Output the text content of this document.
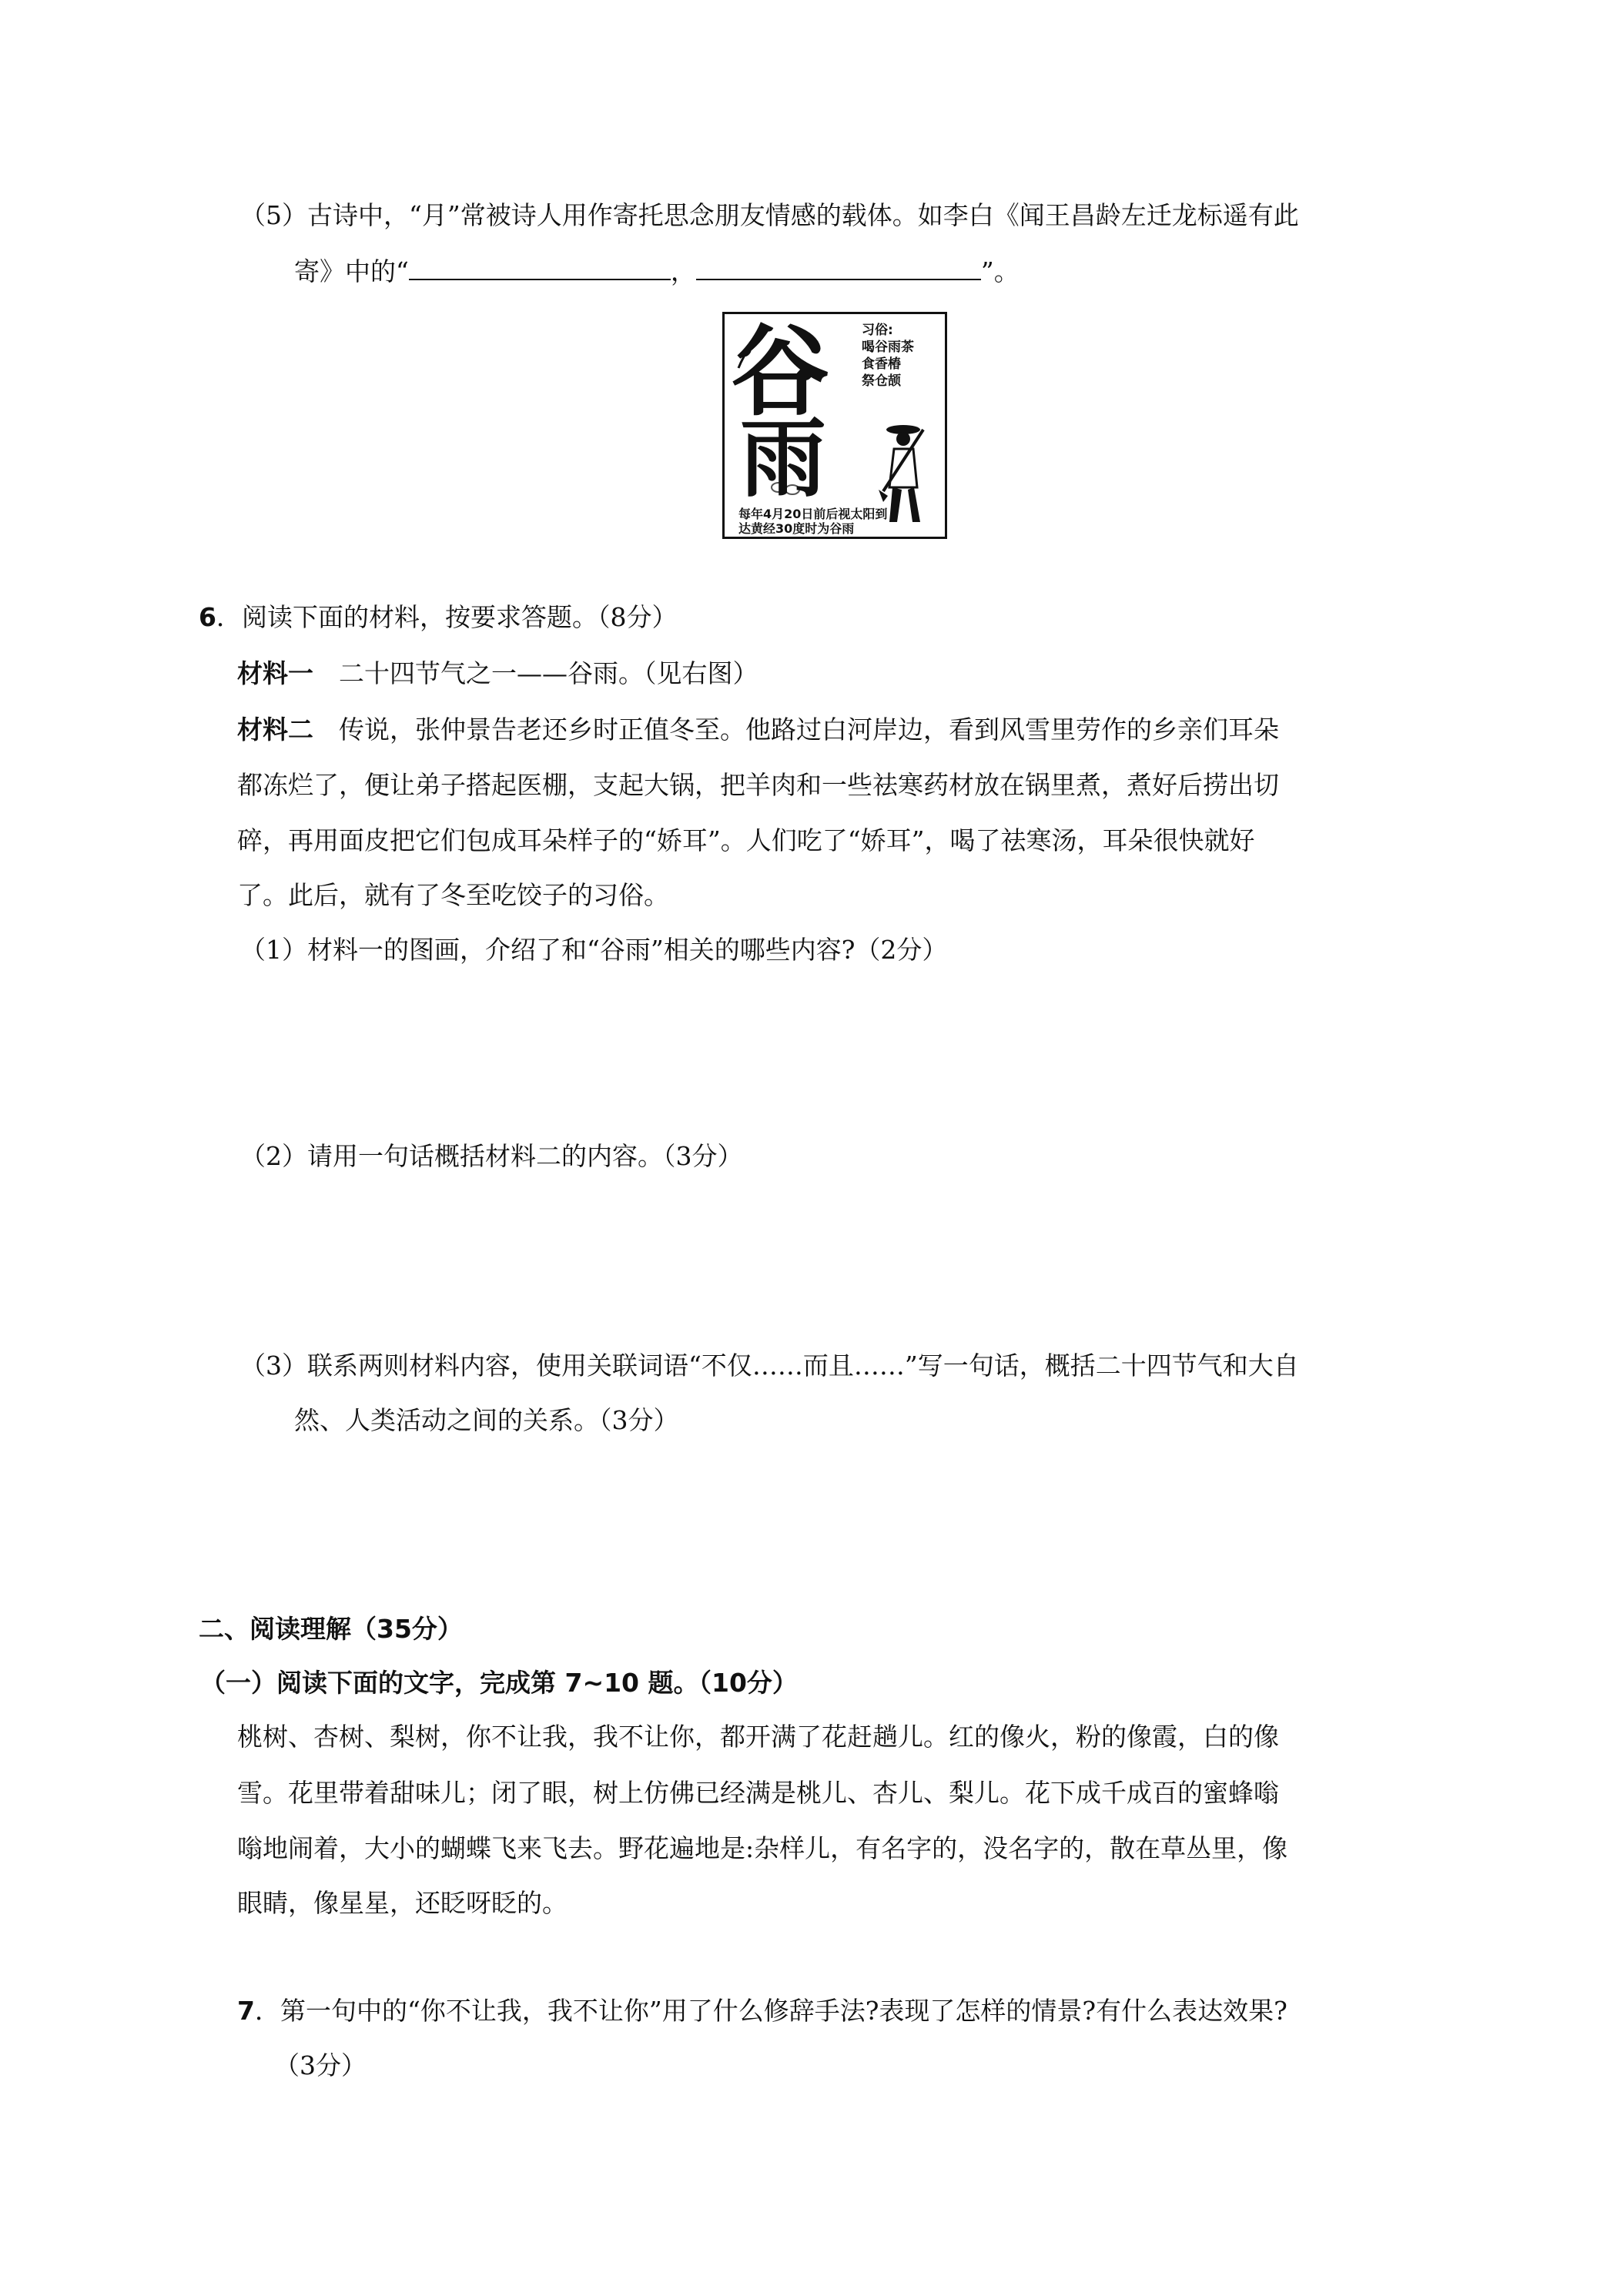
（5）古诗中，“月”常被诗人用作寄托思念朋友情感的载体。如李白《闻王昌龄左迁龙标遥有此
寄》中的“	，	”。
谷
雨
习俗:
喝谷雨茶
食香椿
祭仓颉
每年4月20日前后视太阳到
达黄经30度时为谷雨
6．阅读下面的材料，按要求答题。（8分）
材料一　二十四节气之一——谷雨。（见右图）
材料二　传说，张仲景告老还乡时正值冬至。他路过白河岸边，看到风雪里劳作的乡亲们耳朵
都冻烂了，便让弟子搭起医棚，支起大锅，把羊肉和一些祛寒药材放在锅里煮，煮好后捞出切
碎，再用面皮把它们包成耳朵样子的“娇耳”。人们吃了“娇耳”，喝了祛寒汤，耳朵很快就好
了。此后，就有了冬至吃饺子的习俗。
（1）材料一的图画，介绍了和“谷雨”相关的哪些内容?（2分）
（2）请用一句话概括材料二的内容。（3分）
（3）联系两则材料内容，使用关联词语“不仅……而且……”写一句话，概括二十四节气和大自
然、人类活动之间的关系。（3分）
二、阅读理解（35分）
（一）阅读下面的文字，完成第 7~10 题。（10分）
桃树、杏树、梨树，你不让我，我不让你，都开满了花赶趟儿。红的像火，粉的像霞，白的像
雪。花里带着甜味儿；闭了眼，树上仿佛已经满是桃儿、杏儿、梨儿。花下成千成百的蜜蜂嗡
嗡地闹着，大小的蝴蝶飞来飞去。野花遍地是:杂样儿，有名字的，没名字的，散在草丛里，像
眼睛，像星星，还眨呀眨的。
7．第一句中的“你不让我，我不让你”用了什么修辞手法?表现了怎样的情景?有什么表达效果?
（3分）
